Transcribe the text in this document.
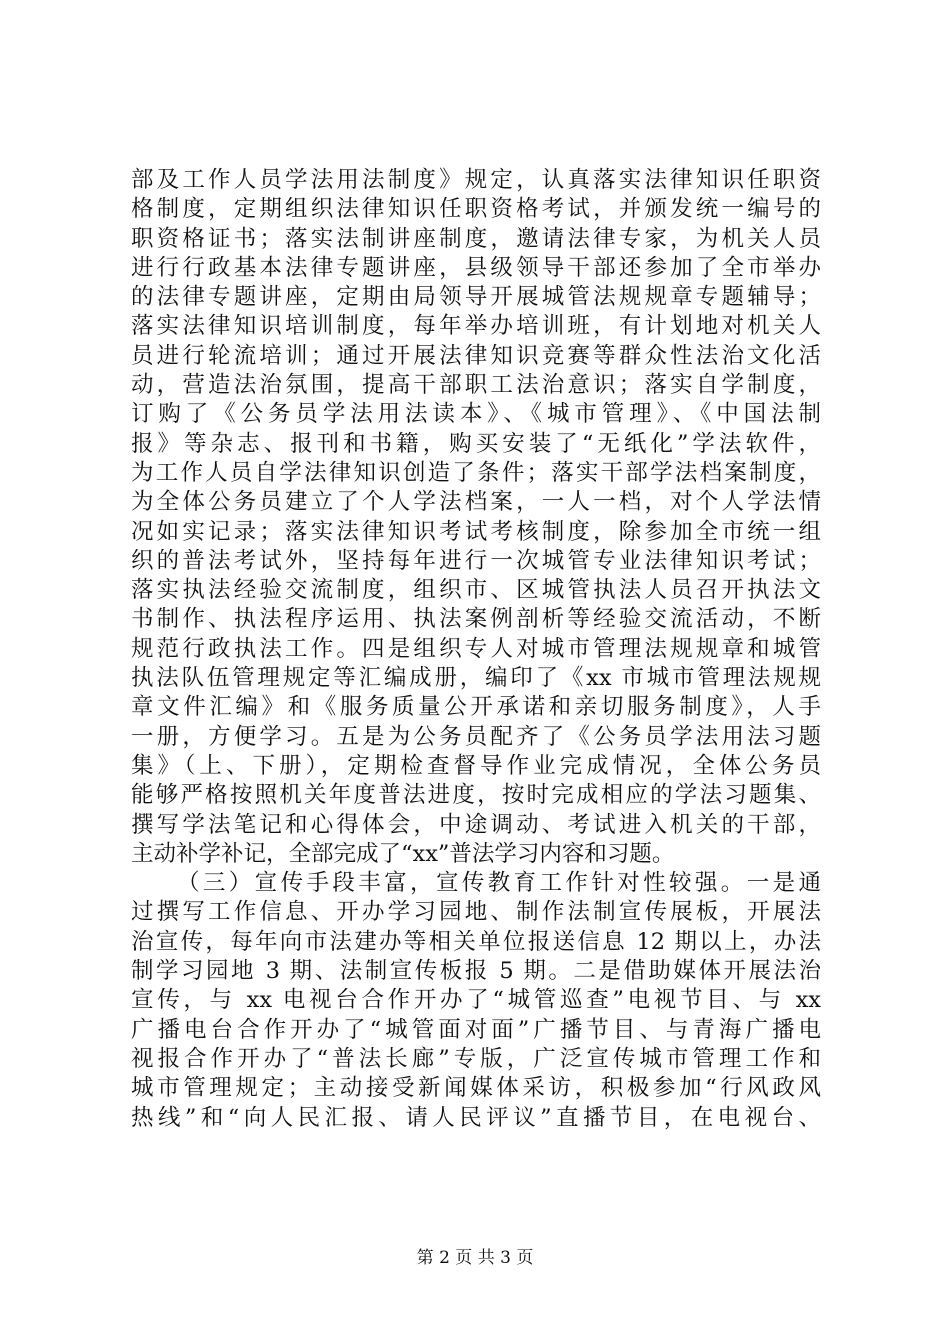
部及工作人员学法用法制度》规定，认真落实法律知识任职资
格制度，定期组织法律知识任职资格考试，并颁发统一编号的
职资格证书；落实法制讲座制度，邀请法律专家，为机关人员
进行行政基本法律专题讲座，县级领导干部还参加了全市举办
的法律专题讲座，定期由局领导开展城管法规规章专题辅导；
落实法律知识培训制度，每年举办培训班，有计划地对机关人
员进行轮流培训；通过开展法律知识竞赛等群众性法治文化活
动，营造法治氛围，提高干部职工法治意识；落实自学制度，
订购了《公务员学法用法读本》、《城市管理》、《中国法制
报》等杂志、报刊和书籍，购买安装了“无纸化”学法软件，
为工作人员自学法律知识创造了条件；落实干部学法档案制度，
为全体公务员建立了个人学法档案，一人一档，对个人学法情
况如实记录；落实法律知识考试考核制度，除参加全市统一组
织的普法考试外，坚持每年进行一次城管专业法律知识考试；
落实执法经验交流制度，组织市、区城管执法人员召开执法文
书制作、执法程序运用、执法案例剖析等经验交流活动，不断
规范行政执法工作。四是组织专人对城市管理法规规章和城管
执法队伍管理规定等汇编成册，编印了《xx 市城市管理法规规
章文件汇编》和《服务质量公开承诺和亲切服务制度》，人手
一册，方便学习。五是为公务员配齐了《公务员学法用法习题
集》（上、下册），定期检查督导作业完成情况，全体公务员
能够严格按照机关年度普法进度，按时完成相应的学法习题集、
撰写学法笔记和心得体会，中途调动、考试进入机关的干部，
主动补学补记，全部完成了“xx”普法学习内容和习题。
（三）宣传手段丰富，宣传教育工作针对性较强。一是通
过撰写工作信息、开办学习园地、制作法制宣传展板，开展法
治宣传，每年向市法建办等相关单位报送信息 12 期以上，办法
制学习园地 3 期、法制宣传板报 5 期。二是借助媒体开展法治
宣传，与 xx 电视台合作开办了“城管巡查”电视节目、与 xx
广播电台合作开办了“城管面对面”广播节目、与青海广播电
视报合作开办了“普法长廊”专版，广泛宣传城市管理工作和
城市管理规定；主动接受新闻媒体采访，积极参加“行风政风
热线”和“向人民汇报、请人民评议”直播节目，在电视台、
第 2 页 共 3 页
